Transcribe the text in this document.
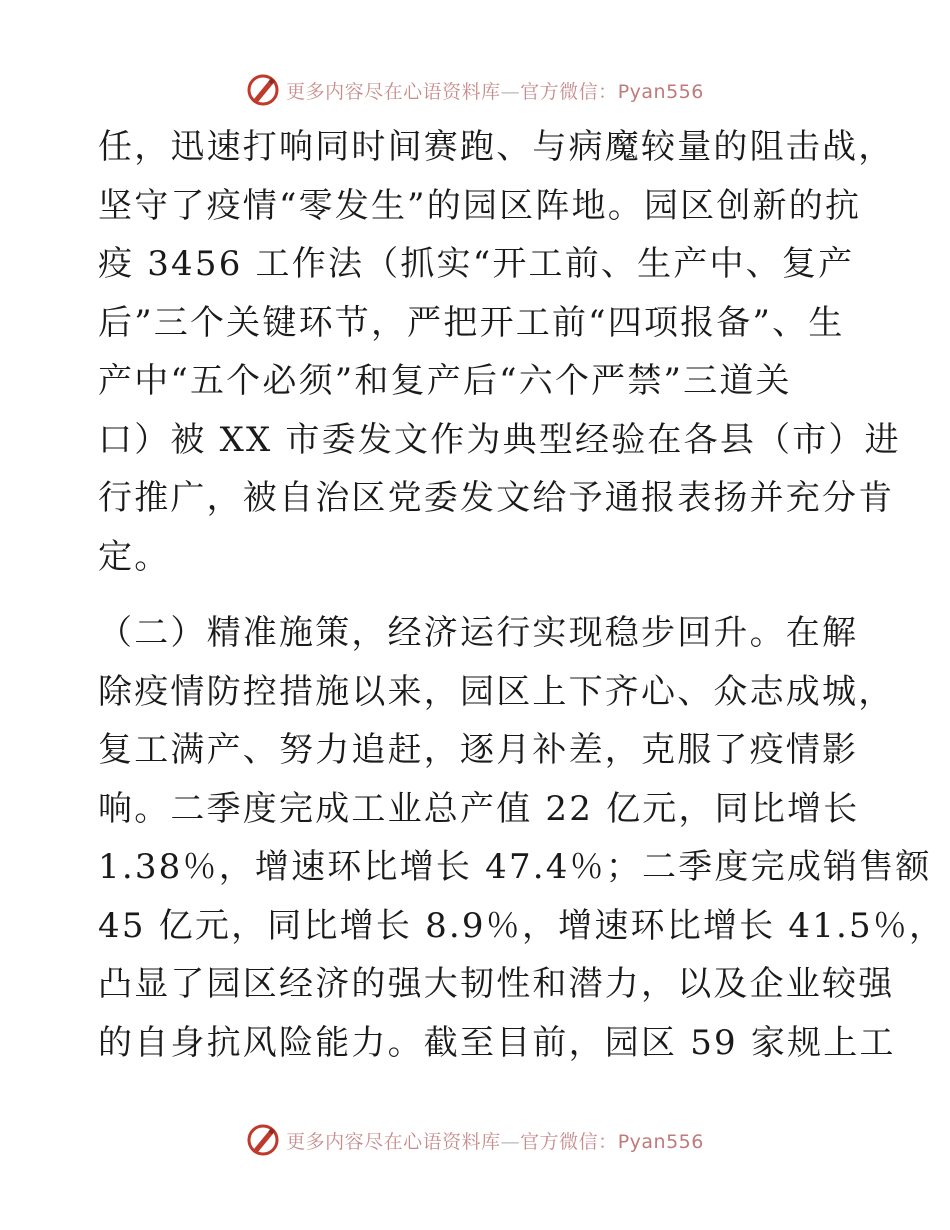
更多内容尽在心语资料库—官方微信：Pyan556
任，迅速打响同时间赛跑、与病魔较量的阻击战，
坚守了疫情“零发生”的园区阵地。园区创新的抗
疫 3456 工作法（抓实“开工前、生产中、复产
后”三个关键环节，严把开工前“四项报备”、生
产中“五个必须”和复产后“六个严禁”三道关
口）被 XX 市委发文作为典型经验在各县（市）进
行推广，被自治区党委发文给予通报表扬并充分肯
定。
（二）精准施策，经济运行实现稳步回升。在解
除疫情防控措施以来，园区上下齐心、众志成城，
复工满产、努力追赶，逐月补差，克服了疫情影
响。二季度完成工业总产值 22 亿元，同比增长
1.38％，增速环比增长 47.4％；二季度完成销售额
45 亿元，同比增长 8.9％，增速环比增长 41.5％，
凸显了园区经济的强大韧性和潜力，以及企业较强
的自身抗风险能力。截至目前，园区 59 家规上工
更多内容尽在心语资料库—官方微信：Pyan556
